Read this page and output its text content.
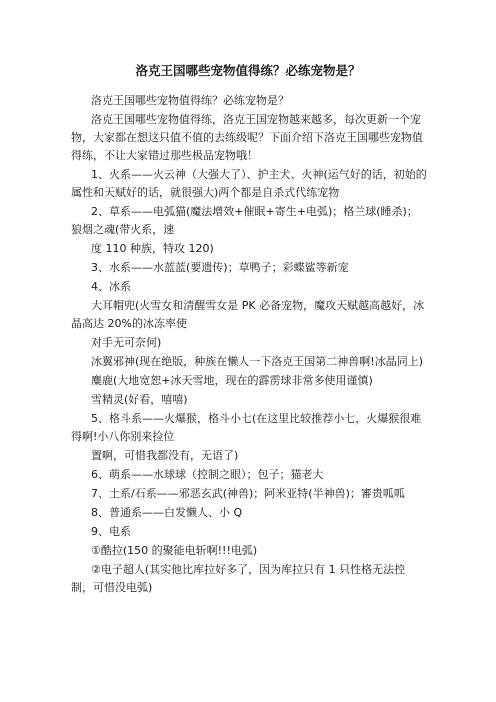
洛克王国哪些宠物值得练？必练宠物是？

洛克王国哪些宠物值得练？必练宠物是？

洛克王国哪些宠物值得练，洛克王国宠物越来越多，每次更新一个宠物，大家都在想这只值不值的去练级呢？下面介绍下洛克王国哪些宠物值得练，不让大家错过那些极品宠物哦！

1、火系——火云神（大强大了）、护主犬、火神(运气好的话，初始的属性和天赋好的话，就很强大)两个都是自杀式代练宠物

2、草系——电弧猫(魔法增效+催眠+寄生+电弧)；格兰球(睡杀)；狼烟之魂(带火系，速

度 110 种族，特攻 120)

3、水系——水蓝蓝(要遗传)；草鸭子；彩蝶鲨等新宠

4、冰系

大耳帽兜(火雪女和清醒雪女是 PK 必备宠物，魔攻天赋越高越好，冰晶高达 20%的冰冻率使

对手无可奈何)

冰翼邪神(现在绝版，种族在懒人一下洛克王国第二神兽啊!冰晶同上)

麋鹿(大地宽恕+冰天雪地，现在的霹雳球非常多使用谨慎)

雪精灵(好看，嘻嘻)

5、格斗系——火爆猴，格斗小七(在这里比较推荐小七，火爆猴很难得啊!小八你别来捡位

置啊，可惜我都没有，无语了)

6、萌系——水球球（控制之眼）；包子；猫老大

7、土系/石系——邪恶玄武(神兽)；阿米亚特(半神兽)；審贵呱呱

8、普通系——白发懒人、小 Q

9、电系

①酷拉(150 的聚能电斩啊!!!电弧)

②电子超人(其实他比库拉好多了，因为库拉只有 1 只性格无法控制，可惜没电弧)
